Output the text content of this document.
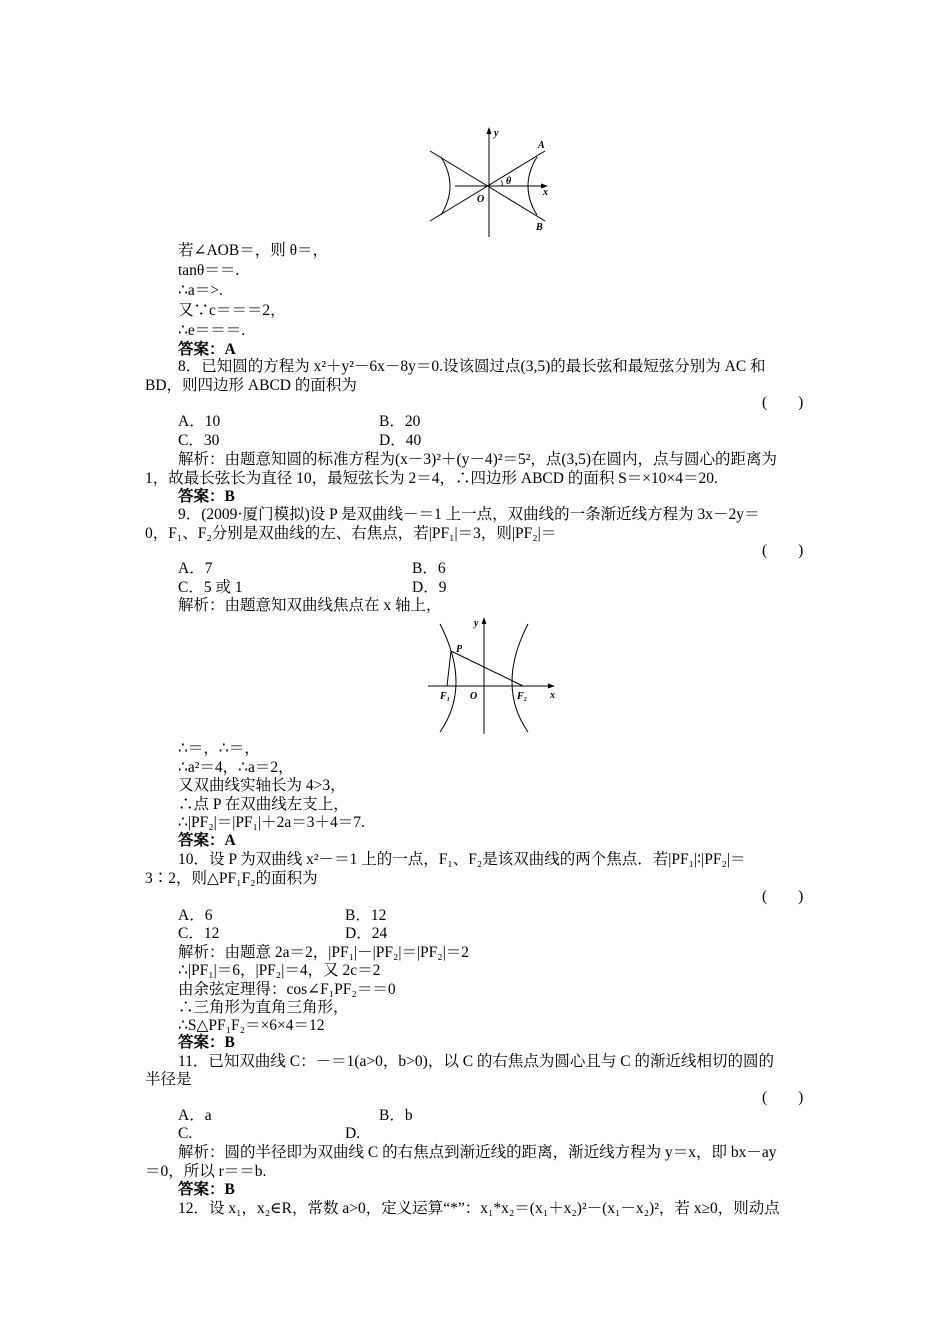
y
A
θ
x
O
B
若∠AOB＝，则 θ＝，
tanθ＝＝.
∴a＝>.
又∵c＝＝＝2，
∴e＝＝＝.
答案：A
8．已知圆的方程为 x²＋y²－6x－8y＝0.设该圆过点(3,5)的最长弦和最短弦分别为 AC 和
BD，则四边形 ABCD 的面积为
(　　)
A．10	B．20
C．30	D．40
解析：由题意知圆的标准方程为(x－3)²＋(y－4)²＝5²，点(3,5)在圆内，点与圆心的距离为
1，故最长弦长为直径 10，最短弦长为 2＝4，∴四边形 ABCD 的面积 S＝×10×4＝20.
答案：B
9．(2009·厦门模拟)设 P 是双曲线－＝1 上一点，双曲线的一条渐近线方程为 3x－2y＝
0，F₁、F₂分别是双曲线的左、右焦点，若|PF₁|＝3，则|PF₂|＝
(　　)
A．7	B．6
C．5 或 1	D．9
解析：由题意知双曲线焦点在 x 轴上，
y
P
F₁ O	F₂ x
∴＝，∴＝，
∴a²＝4，∴a＝2，
又双曲线实轴长为 4>3，
∴点 P 在双曲线左支上，
∴|PF₂|＝|PF₁|＋2a＝3＋4＝7.
答案：A
10．设 P 为双曲线 x²－＝1 上的一点，F₁、F₂是该双曲线的两个焦点．若|PF₁|∶|PF₂|＝
3∶2，则△PF₁F₂的面积为
(　　)
A．6	B．12
C．12	D．24
解析：由题意 2a＝2，|PF₁|－|PF₂|＝|PF₂|＝2
∴|PF₁|＝6，|PF₂|＝4，又 2c＝2
由余弦定理得：cos∠F₁PF₂＝＝0
∴三角形为直角三角形，
∴S△PF₁F₂＝×6×4＝12
答案：B
11．已知双曲线 C：－＝1(a>0，b>0)，以 C 的右焦点为圆心且与 C 的渐近线相切的圆的
半径是
(　　)
A．a	B．b
C.	D.
解析：圆的半径即为双曲线 C 的右焦点到渐近线的距离，渐近线方程为 y＝x，即 bx－ay
＝0，所以 r＝＝b.
答案：B
12．设 x₁，x₂∈R，常数 a>0，定义运算“*”：x₁*x₂＝(x₁＋x₂)²－(x₁－x₂)²，若 x≥0，则动点
